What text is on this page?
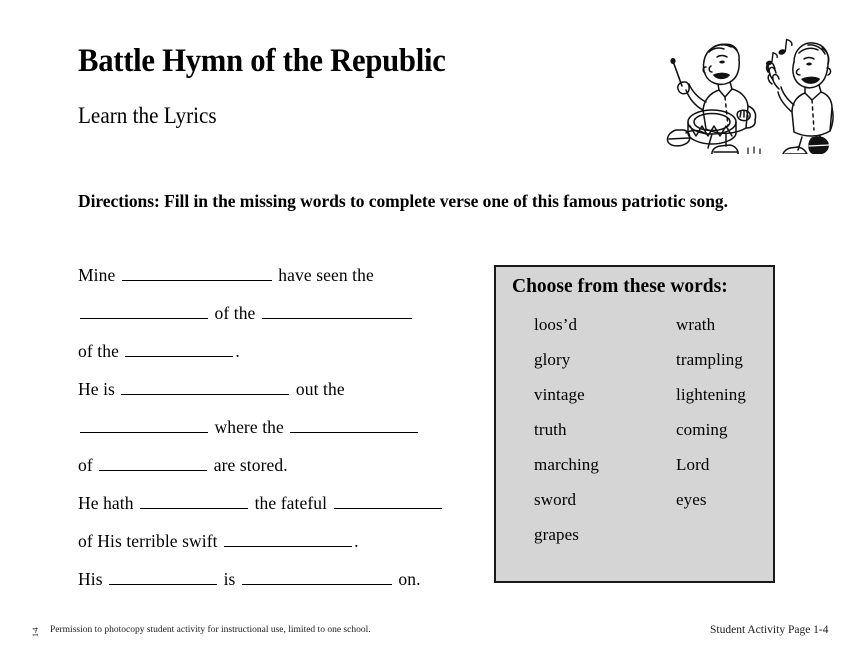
Battle Hymn of the Republic
Learn the Lyrics
Directions: Fill in the missing words to complete verse one of this famous patriotic song.
Mine	have seen the
of the
of the	.
He is	out the
where the
of	are stored.
He hath	the fateful
of His terrible swift	.
His	is	on.
Choose from these words:
loos’d	wrath
glory	trampling
vintage	lightening
truth	coming
marching	Lord
sword	eyes
grapes
1-4	Permission to photocopy student activity for instructional use, limited to one school.	Student Activity Page 1-4
